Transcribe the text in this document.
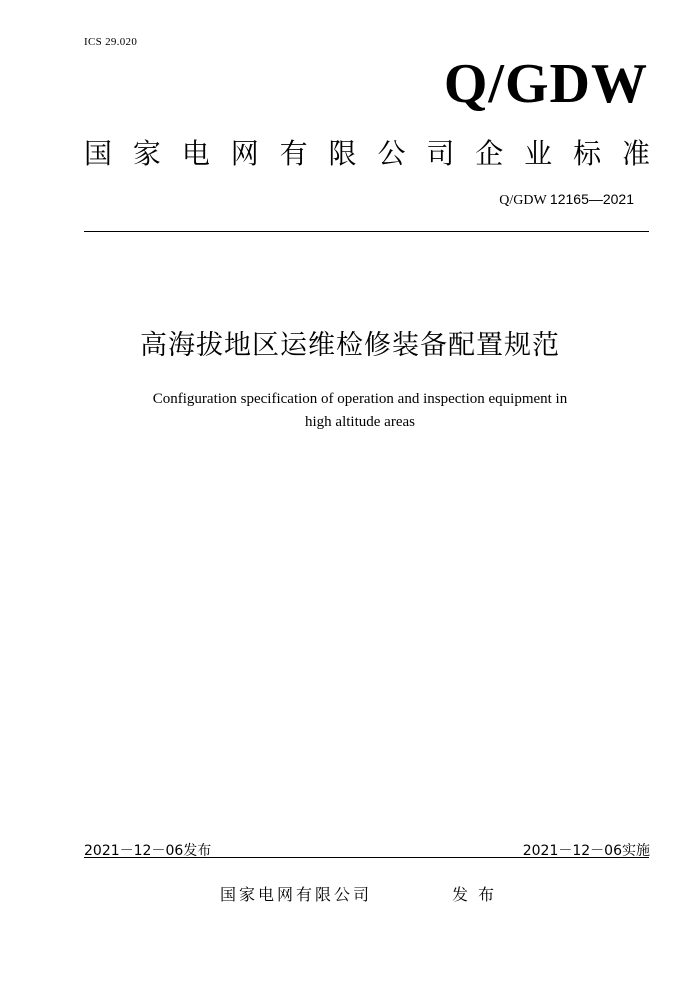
ICS 29.020
Q/GDW
国 家 电 网 有 限 公 司 企 业 标 准
Q/GDW 12165—2021
高海拔地区运维检修装备配置规范
Configuration specification of operation and inspection equipment in
high altitude areas
2021－12－06发布	2021－12－06实施
国家电网有限公司	发布
